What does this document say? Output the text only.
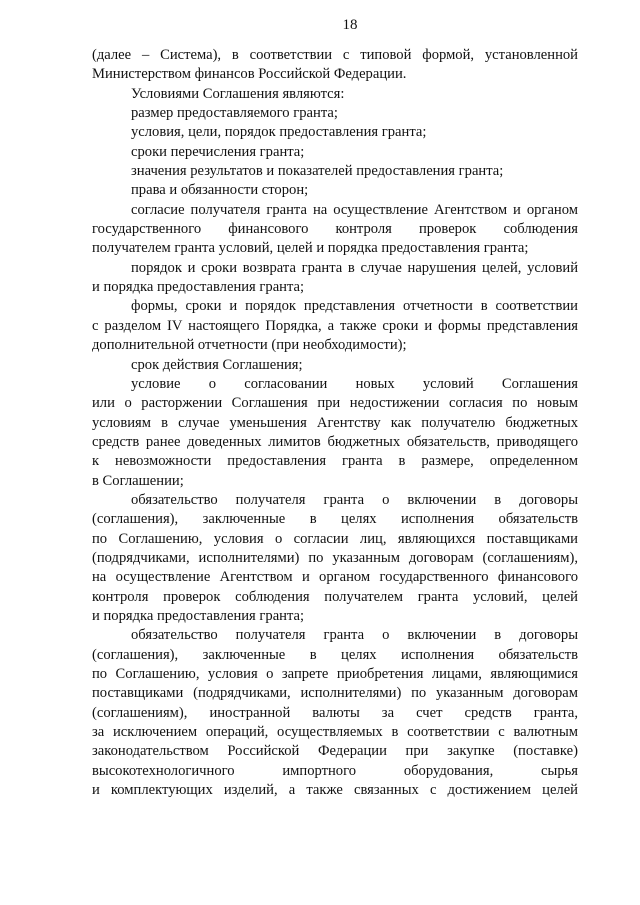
18
(далее – Система), в соответствии с типовой формой, установленной
Министерством финансов Российской Федерации.
Условиями Соглашения являются:
размер предоставляемого гранта;
условия, цели, порядок предоставления гранта;
сроки перечисления гранта;
значения результатов и показателей предоставления гранта;
права и обязанности сторон;
согласие получателя гранта на осуществление Агентством и органом
государственного финансового контроля проверок соблюдения
получателем гранта условий, целей и порядка предоставления гранта;
порядок и сроки возврата гранта в случае нарушения целей, условий
и порядка предоставления гранта;
формы, сроки и порядок представления отчетности в соответствии
с разделом IV настоящего Порядка, а также сроки и формы представления
дополнительной отчетности (при необходимости);
срок действия Соглашения;
условие о согласовании новых условий Соглашения
или о расторжении Соглашения при недостижении согласия по новым
условиям в случае уменьшения Агентству как получателю бюджетных
средств ранее доведенных лимитов бюджетных обязательств, приводящего
к невозможности предоставления гранта в размере, определенном
в Соглашении;
обязательство получателя гранта о включении в договоры
(соглашения), заключенные в целях исполнения обязательств
по Соглашению, условия о согласии лиц, являющихся поставщиками
(подрядчиками, исполнителями) по указанным договорам (соглашениям),
на осуществление Агентством и органом государственного финансового
контроля проверок соблюдения получателем гранта условий, целей
и порядка предоставления гранта;
обязательство получателя гранта о включении в договоры
(соглашения), заключенные в целях исполнения обязательств
по Соглашению, условия о запрете приобретения лицами, являющимися
поставщиками (подрядчиками, исполнителями) по указанным договорам
(соглашениям), иностранной валюты за счет средств гранта,
за исключением операций, осуществляемых в соответствии с валютным
законодательством Российской Федерации при закупке (поставке)
высокотехнологичного импортного оборудования, сырья
и комплектующих изделий, а также связанных с достижением целей
